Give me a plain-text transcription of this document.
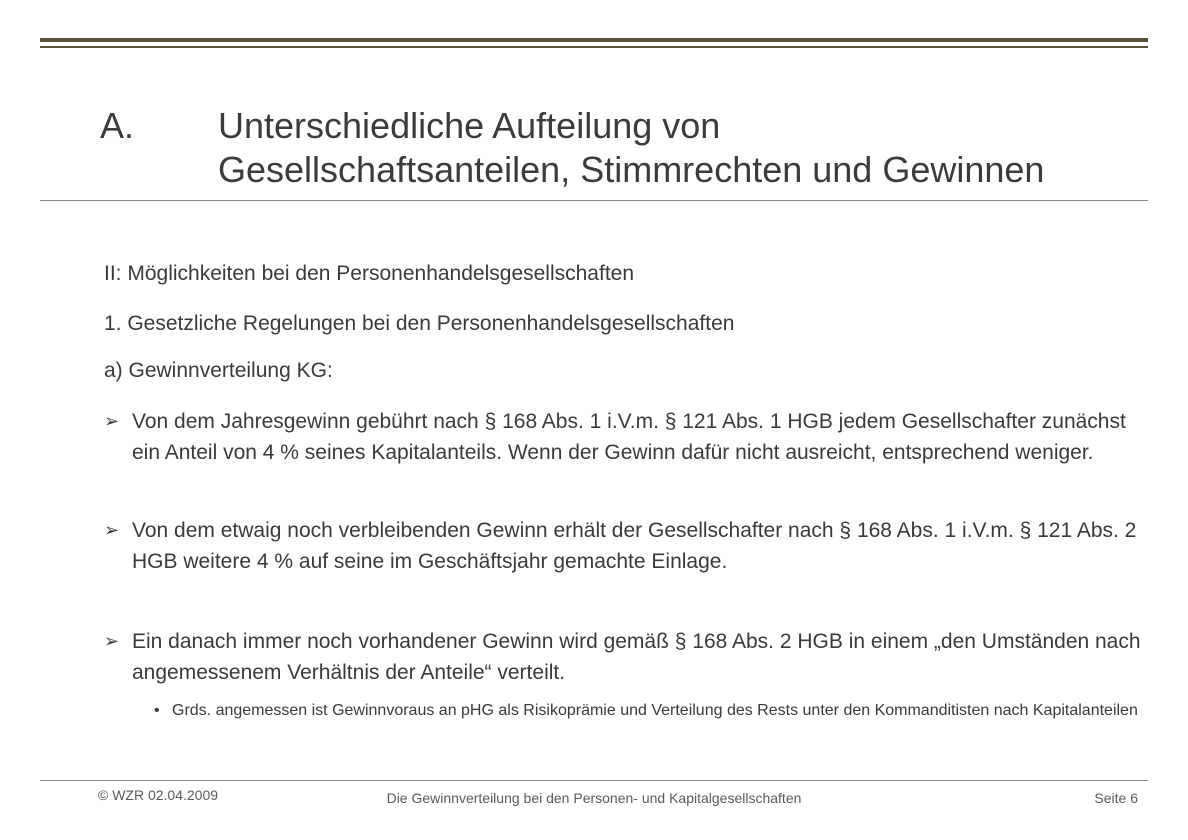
A. Unterschiedliche Aufteilung von
Gesellschaftsanteilen, Stimmrechten und Gewinnen
II: Möglichkeiten bei den Personenhandelsgesellschaften
1. Gesetzliche Regelungen bei den Personenhandelsgesellschaften
a) Gewinnverteilung KG:
➢ Von dem Jahresgewinn gebührt nach § 168 Abs. 1 i.V.m. § 121 Abs. 1 HGB jedem Gesellschafter zunächst ein Anteil von 4 % seines Kapitalanteils. Wenn der Gewinn dafür nicht ausreicht, entsprechend weniger.
➢ Von dem etwaig noch verbleibenden Gewinn erhält der Gesellschafter nach § 168 Abs. 1 i.V.m. § 121 Abs. 2 HGB weitere 4 % auf seine im Geschäftsjahr gemachte Einlage.
➢ Ein danach immer noch vorhandener Gewinn wird gemäß § 168 Abs. 2 HGB in einem „den Umständen nach angemessenem Verhältnis der Anteile“ verteilt.
• Grds. angemessen ist Gewinnvoraus an pHG als Risikoprämie und Verteilung des Rests unter den Kommanditisten nach Kapitalanteilen
© WZR 02.04.2009	Die Gewinnverteilung bei den Personen- und Kapitalgesellschaften	Seite 6
